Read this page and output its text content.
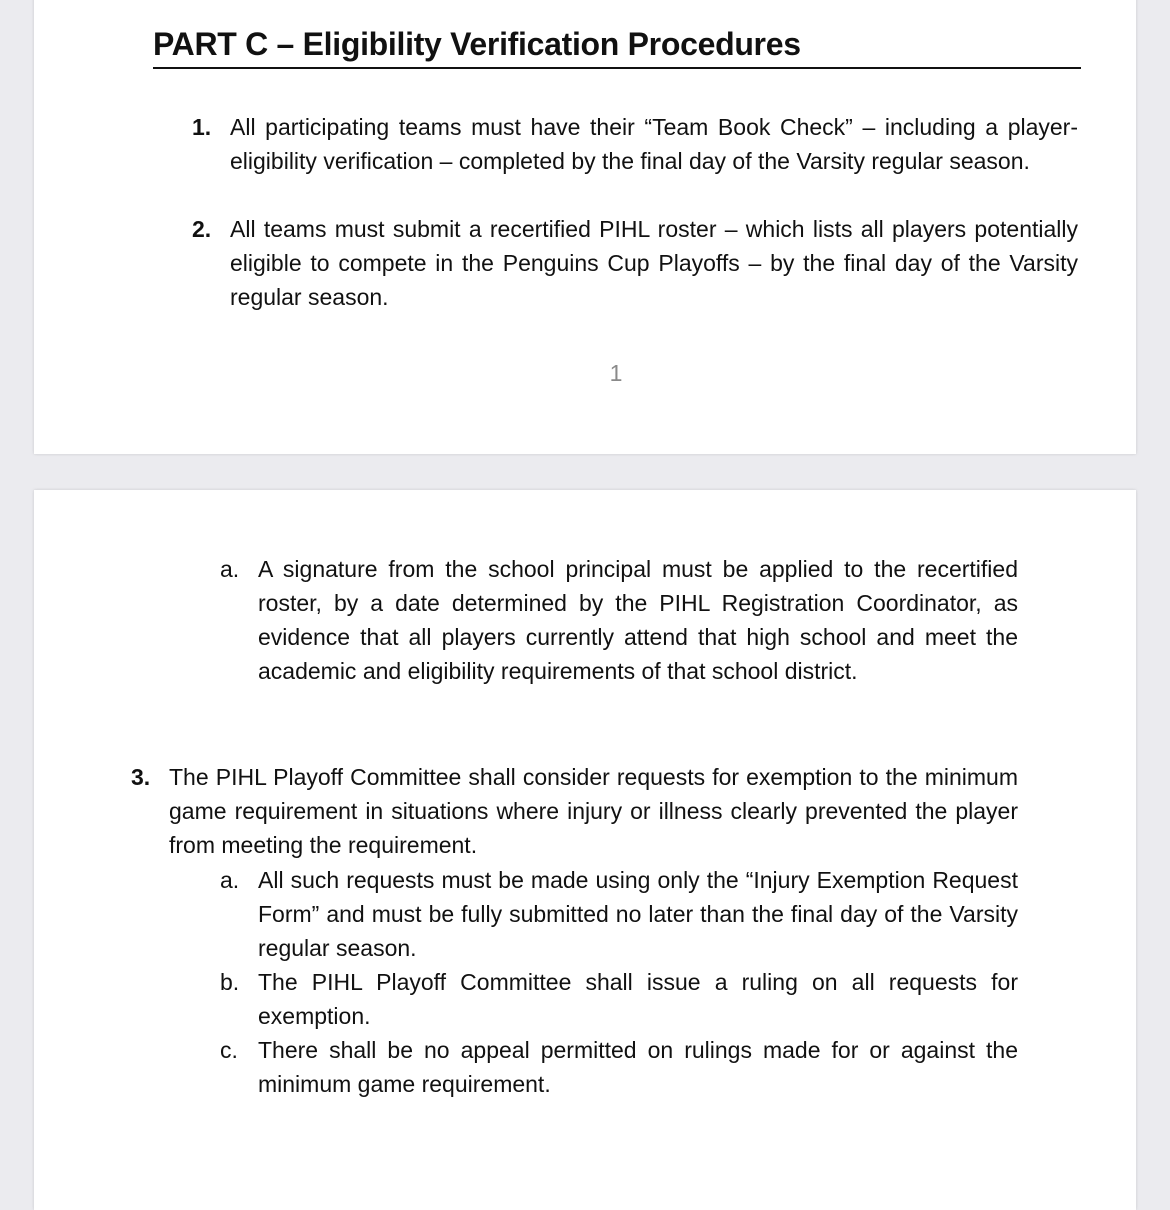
PART C – Eligibility Verification Procedures
1. All participating teams must have their “Team Book Check” – including a player-eligibility verification – completed by the final day of the Varsity regular season.
2. All teams must submit a recertified PIHL roster – which lists all players potentially eligible to compete in the Penguins Cup Playoffs – by the final day of the Varsity regular season.
1
a. A signature from the school principal must be applied to the recertified roster, by a date determined by the PIHL Registration Coordinator, as evidence that all players currently attend that high school and meet the academic and eligibility requirements of that school district.
3. The PIHL Playoff Committee shall consider requests for exemption to the minimum game requirement in situations where injury or illness clearly prevented the player from meeting the requirement.
a. All such requests must be made using only the “Injury Exemption Request Form” and must be fully submitted no later than the final day of the Varsity regular season.
b. The PIHL Playoff Committee shall issue a ruling on all requests for exemption.
c. There shall be no appeal permitted on rulings made for or against the minimum game requirement.
